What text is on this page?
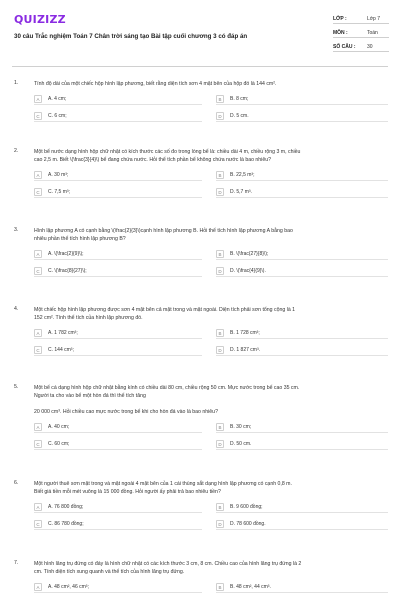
QUIZIZZ
30 câu Trắc nghiệm Toán 7 Chân trời sáng tạo Bài tập cuối chương 3 có đáp án
LỚP :	Lớp 7
MÔN :	Toán
SỐ CÂU : 30
1.	Tính độ dài của một chiếc hộp hình lập phương, biết rằng diện tích sơn 4 mặt bên của hộp đó là 144 cm².
A	A. 4 cm;	B	B. 8 cm;
C	C. 6 cm;	D	D. 5 cm.
2.	Một bể nước dạng hình hộp chữ nhật có kích thước các số đo trong lòng bể là: chiều dài 4 m, chiều rộng 3 m, chiều
cao 2,5 m. Biết \(\frac{3}{4}\) bể đang chứa nước. Hỏi thể tích phần bể không chứa nước là bao nhiêu?
A	A. 30 m³;	B	B. 22,5 m³;
C	C. 7,5 m³;	D	D. 5,7 m³.
3.	Hình lập phương A có cạnh bằng \(\frac{2}{3}\)cạnh hình lập phương B. Hỏi thể tích hình lập phương A bằng bao
nhiêu phần thể tích hình lập phương B?
A	A. \(\frac{2}{9}\);	B	B. \(\frac{27}{8}\);
C	C. \(\frac{8}{27}\);	D	D. \(\frac{4}{9}\).
4.	Một chiếc hộp hình lập phương được sơn 4 mặt bên cả mặt trong và mặt ngoài. Diện tích phải sơn tổng cộng là 1
152 cm². Tính thể tích của hình lập phương đó.
A	A. 1 782 cm³;	B	B. 1 728 cm³;
C	C. 144 cm³;	D	D. 1 827 cm³.
5.	Một bể cá dạng hình hộp chữ nhật bằng kính có chiều dài 80 cm, chiều rộng 50 cm. Mực nước trong bể cao 35 cm.
Người ta cho vào bể một hòn đá thì thể tích tăng
20 000 cm³. Hỏi chiều cao mực nước trong bể khi cho hòn đá vào là bao nhiêu?
A	A. 40 cm;	B	B. 30 cm;
C	C. 60 cm;	D	D. 50 cm.
6.	Một người thuê sơn mặt trong và mặt ngoài 4 mặt bên của 1 cái thùng sắt dạng hình lập phương có cạnh 0,8 m.
Biết giá tiền mỗi mét vuông là 15 000 đồng. Hỏi người ấy phải trả bao nhiêu tiền?
A	A. 76 800 đồng;	B	B. 9 600 đồng;
C	C. 86 780 đồng;	D	D. 78 600 đồng.
7.	Một hình lăng trụ đứng có đáy là hình chữ nhật có các kích thước 3 cm, 8 cm. Chiều cao của hình lăng trụ đứng là 2
cm. Tính diện tích xung quanh và thể tích của hình lăng trụ đứng.
A	A. 48 cm², 46 cm³;	B	B. 48 cm², 44 cm³.
